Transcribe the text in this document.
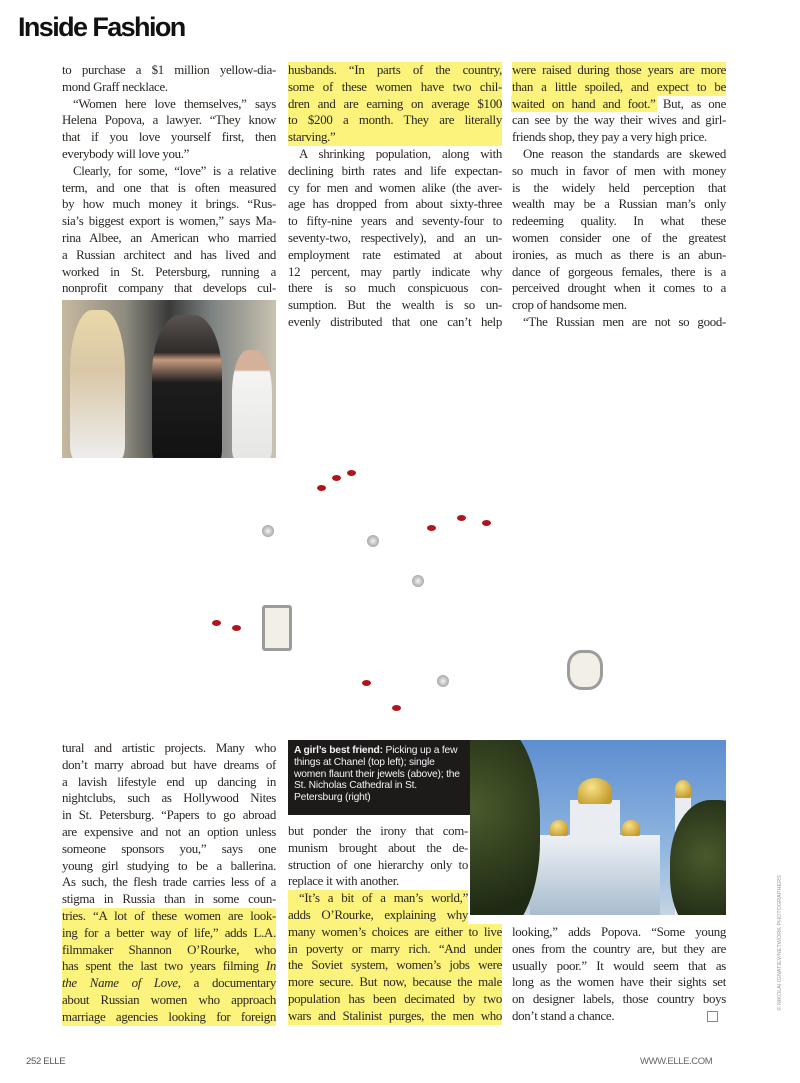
Inside Fashion
A girl’s best friend: Picking up a few things at Chanel (top left); single women flaunt their jewels (above); the St. Nicholas Cathedral in St. Petersburg (right)
to purchase a $1 million yellow-dia-
mond Graff necklace.
“Women here love themselves,” says
Helena Popova, a lawyer. “They know
that if you love yourself first, then
everybody will love you.”
Clearly, for some, “love” is a relative
term, and one that is often measured
by how much money it brings. “Rus-
sia’s biggest export is women,” says Ma-
rina Albee, an American who married
a Russian architect and has lived and
worked in St. Petersburg, running a
nonprofit company that develops cul-
husbands. “In parts of the country,
some of these women have two chil-
dren and are earning on average $100
to $200 a month. They are literally
starving.”
A shrinking population, along with
declining birth rates and life expectan-
cy for men and women alike (the aver-
age has dropped from about sixty-three
to fifty-nine years and seventy-four to
seventy-two, respectively), and an un-
employment rate estimated at about
12 percent, may partly indicate why
there is so much conspicuous con-
sumption. But the wealth is so un-
evenly distributed that one can’t help
were raised during those years are more
than a little spoiled, and expect to be
waited on hand and foot.” But, as one
can see by the way their wives and girl-
friends shop, they pay a very high price.
One reason the standards are skewed
so much in favor of men with money
is the widely held perception that
wealth may be a Russian man’s only
redeeming quality. In what these
women consider one of the greatest
ironies, as much as there is an abun-
dance of gorgeous females, there is a
perceived drought when it comes to a
crop of handsome men.
“The Russian men are not so good-
tural and artistic projects. Many who
don’t marry abroad but have dreams of
a lavish lifestyle end up dancing in
nightclubs, such as Hollywood Nites
in St. Petersburg. “Papers to go abroad
are expensive and not an option unless
someone sponsors you,” says one
young girl studying to be a ballerina.
As such, the flesh trade carries less of a
stigma in Russia than in some coun-
tries. “A lot of these women are look-
ing for a better way of life,” adds L.A.
filmmaker Shannon O’Rourke, who
has spent the last two years filming In
the Name of Love, a documentary
about Russian women who approach
marriage agencies looking for foreign
but ponder the irony that com-
munism brought about the de-
struction of one hierarchy only to
replace it with another.
“It’s a bit of a man’s world,”
adds O’Rourke, explaining why
many women’s choices are either to live
in poverty or marry rich. “And under
the Soviet system, women’s jobs were
more secure. But now, because the male
population has been decimated by two
wars and Stalinist purges, the men who
looking,” adds Popova. “Some young
ones from the country are, but they are
usually poor.” It would seem that as
long as the women have their sights set
on designer labels, those country boys
don’t stand a chance.
© NIKOLAI IGNATIEV/NETWORK PHOTOGRAPHERS
252 ELLE	WWW.ELLE.COM
